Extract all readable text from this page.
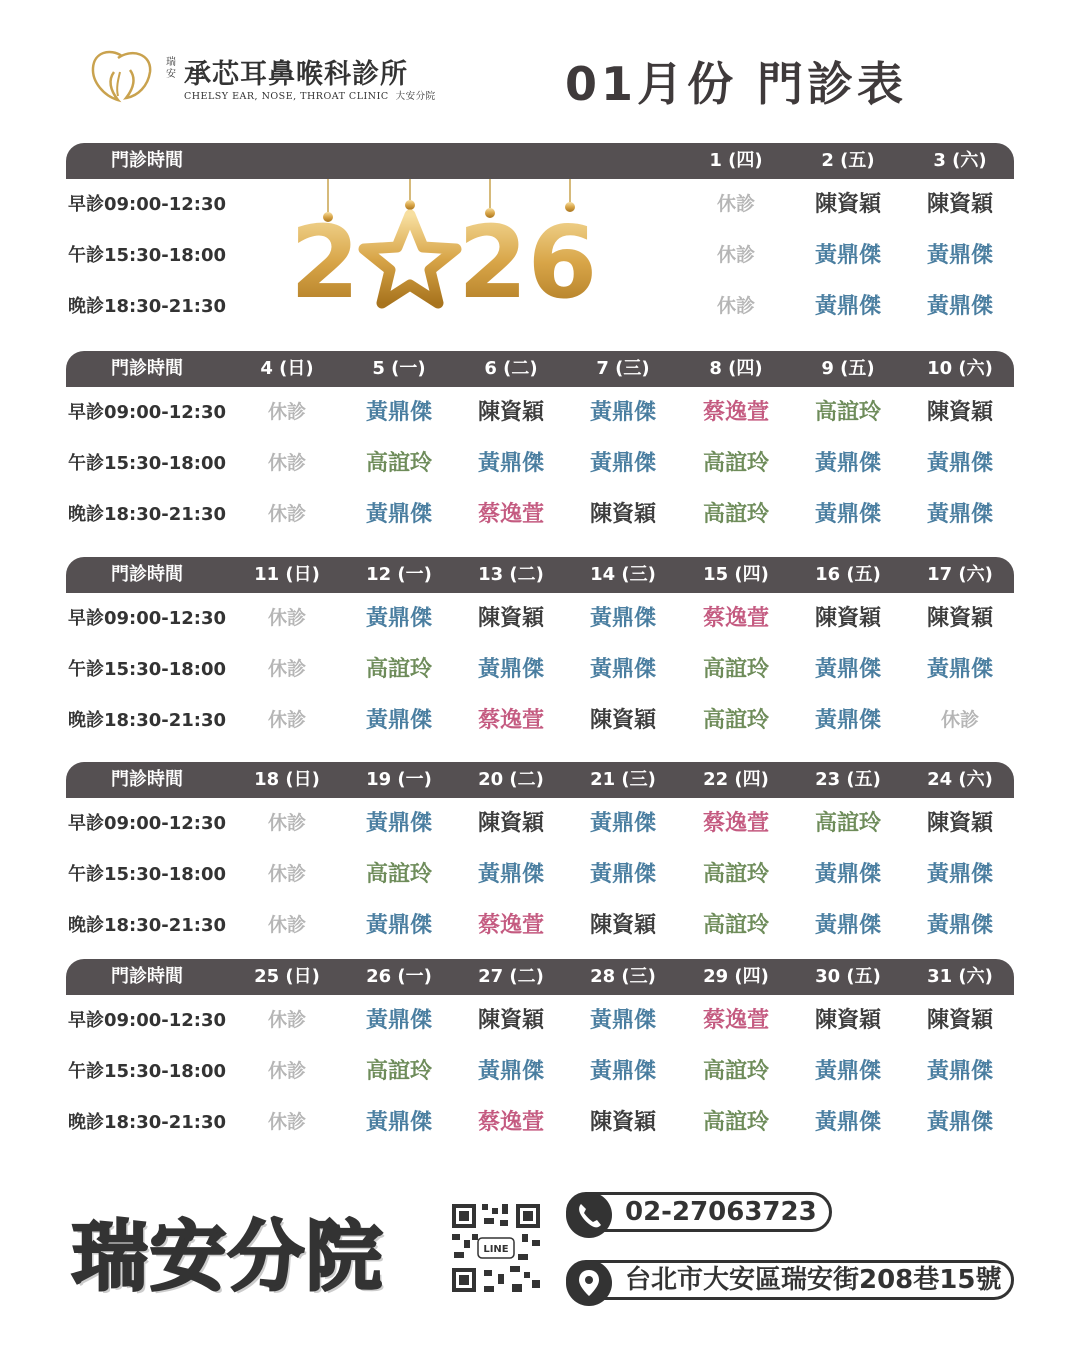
瑞安 承芯耳鼻喉科診所
CHELSY EAR, NOSE, THROAT CLINIC 大安分院	01月份 門診表
2 26
門診時間	1 (四)	2 (五)	3 (六)
早診09:00-12:30	休診	陳資穎	陳資穎
午診15:30-18:00	休診	黃鼎傑	黃鼎傑
晚診18:30-21:30	休診	黃鼎傑	黃鼎傑
門診時間	4 (日)	5 (一)	6 (二)	7 (三)	8 (四)	9 (五)	10 (六)
早診09:00-12:30	休診	黃鼎傑	陳資穎	黃鼎傑	蔡逸萱	高誼玲	陳資穎
午診15:30-18:00	休診	高誼玲	黃鼎傑	黃鼎傑	高誼玲	黃鼎傑	黃鼎傑
晚診18:30-21:30	休診	黃鼎傑	蔡逸萱	陳資穎	高誼玲	黃鼎傑	黃鼎傑
門診時間	11 (日)	12 (一)	13 (二)	14 (三)	15 (四)	16 (五)	17 (六)
早診09:00-12:30	休診	黃鼎傑	陳資穎	黃鼎傑	蔡逸萱	陳資穎	陳資穎
午診15:30-18:00	休診	高誼玲	黃鼎傑	黃鼎傑	高誼玲	黃鼎傑	黃鼎傑
晚診18:30-21:30	休診	黃鼎傑	蔡逸萱	陳資穎	高誼玲	黃鼎傑	休診
門診時間	18 (日)	19 (一)	20 (二)	21 (三)	22 (四)	23 (五)	24 (六)
早診09:00-12:30	休診	黃鼎傑	陳資穎	黃鼎傑	蔡逸萱	高誼玲	陳資穎
午診15:30-18:00	休診	高誼玲	黃鼎傑	黃鼎傑	高誼玲	黃鼎傑	黃鼎傑
晚診18:30-21:30	休診	黃鼎傑	蔡逸萱	陳資穎	高誼玲	黃鼎傑	黃鼎傑
門診時間	25 (日)	26 (一)	27 (二)	28 (三)	29 (四)	30 (五)	31 (六)
早診09:00-12:30	休診	黃鼎傑	陳資穎	黃鼎傑	蔡逸萱	陳資穎	陳資穎
午診15:30-18:00	休診	高誼玲	黃鼎傑	黃鼎傑	高誼玲	黃鼎傑	黃鼎傑
晚診18:30-21:30	休診	黃鼎傑	蔡逸萱	陳資穎	高誼玲	黃鼎傑	黃鼎傑
瑞安分院	LINE
02-27063723
台北市大安區瑞安街208巷15號
